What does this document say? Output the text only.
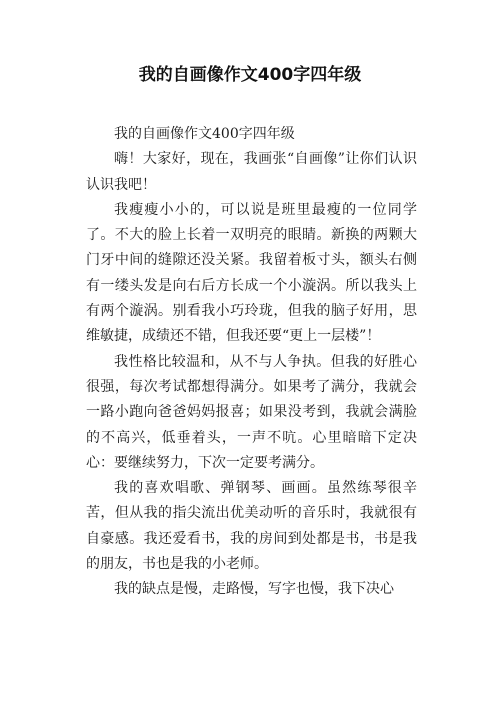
我的自画像作文400字四年级

我的自画像作文400字四年级

嗨！大家好，现在，我画张“自画像”让你们认识认识我吧！

我瘦瘦小小的，可以说是班里最瘦的一位同学了。不大的脸上长着一双明亮的眼睛。新换的两颗大门牙中间的缝隙还没关紧。我留着板寸头，额头右侧有一缕头发是向右后方长成一个小漩涡。所以我头上有两个漩涡。别看我小巧玲珑，但我的脑子好用，思维敏捷，成绩还不错，但我还要“更上一层楼”！

我性格比较温和，从不与人争执。但我的好胜心很强，每次考试都想得满分。如果考了满分，我就会一路小跑向爸爸妈妈报喜；如果没考到，我就会满脸的不高兴，低垂着头，一声不吭。心里暗暗下定决心：要继续努力，下次一定要考满分。

我的喜欢唱歌、弹钢琴、画画。虽然练琴很辛苦，但从我的指尖流出优美动听的音乐时，我就很有自豪感。我还爱看书，我的房间到处都是书，书是我的朋友，书也是我的小老师。

我的缺点是慢，走路慢，写字也慢，我下决心
